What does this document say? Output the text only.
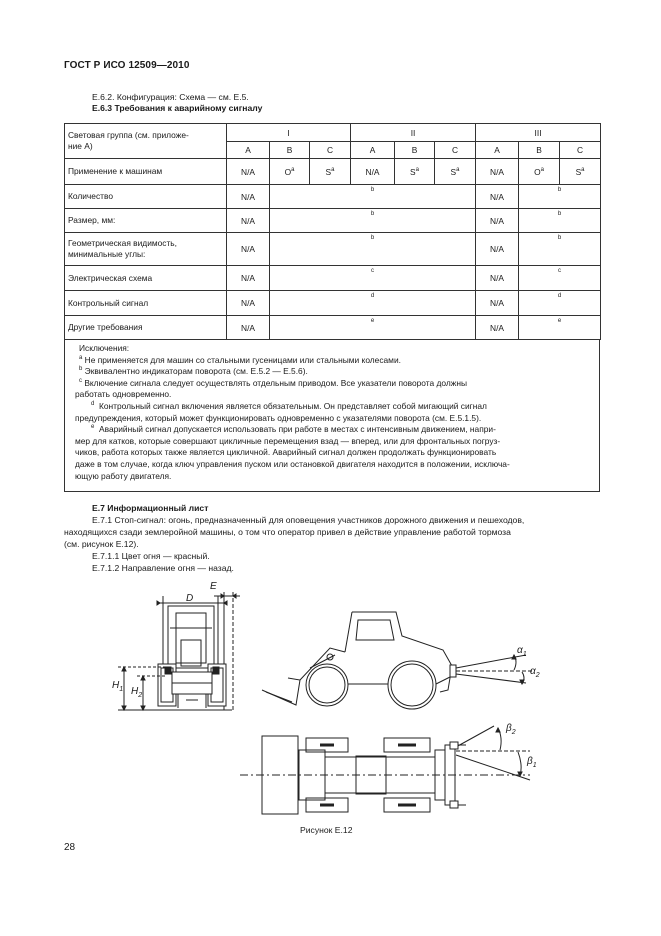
ГОСТ Р ИСО 12509—2010
Е.6.2. Конфигурация: Схема — см. Е.5.
Е.6.3 Требования к аварийному сигналу
Световая группа (см. приложе-
ние А)	I			II			III		
	A	B	C	A	B	C	A	B	C
Применение к машинам	N/A	$O^a$	$S^a$	N/A	$S^a$	$S^a$	N/A	$O^a$	$S^a$
Количество	N/A	b					N/A	b	
Размер, мм:	N/A	b					N/A	b	

Геометрическая видимость,
минимальные углы:	N/A	b					N/A	b	
Электрическая схема	N/A	c					N/A	c	
Контрольный сигнал	N/A	d					N/A	d	
Другие требования	N/A	e					N/A	e	
Исключения:
$^a$ Не применяется для машин со стальными гусеницами или стальными колесами.
$^b$ Эквивалентно индикаторам поворота (см. Е.5.2 — Е.5.6).
$^c$ Включение сигнала следует осуществлять отдельным приводом. Все указатели поворота должны
работать одновременно.
$^d$ Контрольный сигнал включения является обязательным. Он представляет собой мигающий сигнал
предупреждения, который может функционировать одновременно с указателями поворота (см. Е.5.1.5).
$^e$ Аварийный сигнал допускается использовать при работе в местах с интенсивным движением, напри-
мер для катков, которые совершают цикличные перемещения взад — вперед, или для фронтальных погруз-
чиков, работа которых также является цикличной. Аварийный сигнал должен продолжать функционировать
даже в том случае, когда ключ управления пуском или остановкой двигателя находится в положении, исключа-
ющую работу двигателя.
Е.7 Информационный лист
Е.7.1 Стоп-сигнал: огонь, предназначенный для оповещения участников дорожного движения и пешеходов,
находящихся сзади землеройной машины, о том что оператор привел в действие управление работой тормоза
(см. рисунок Е.12).
Е.7.1.1 Цвет огня — красный.
Е.7.1.2 Направление огня — назад.
D
E
$H_1$ $H_2$
$\alpha_1$
$\alpha_2$
$\beta_2$
$\beta_1$
Рисунок Е.12
28
